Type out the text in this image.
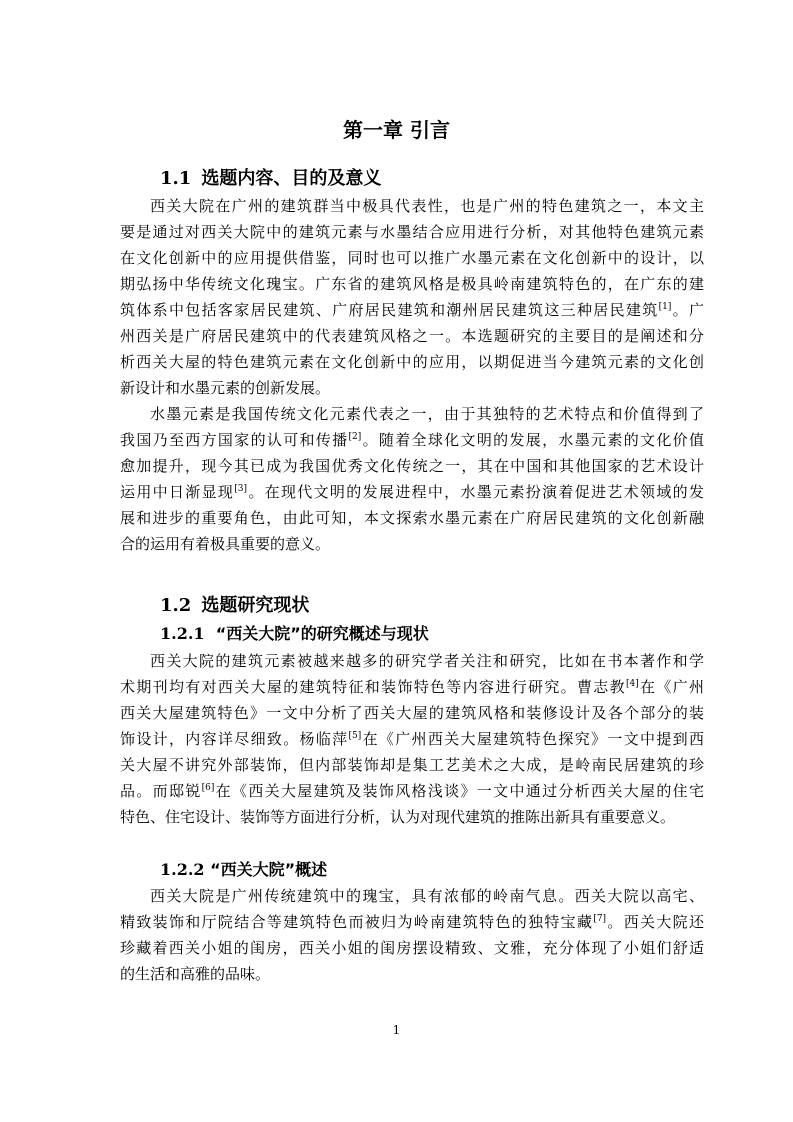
第一章 引言
1.1 选题内容、目的及意义

西关大院在广州的建筑群当中极具代表性，也是广州的特色建筑之一，本文主
要是通过对西关大院中的建筑元素与水墨结合应用进行分析，对其他特色建筑元素
在文化创新中的应用提供借鉴，同时也可以推广水墨元素在文化创新中的设计，以
期弘扬中华传统文化瑰宝。广东省的建筑风格是极具岭南建筑特色的，在广东的建
筑体系中包括客家居民建筑、广府居民建筑和潮州居民建筑这三种居民建筑[1]。广
州西关是广府居民建筑中的代表建筑风格之一。本选题研究的主要目的是阐述和分
析西关大屋的特色建筑元素在文化创新中的应用，以期促进当今建筑元素的文化创
新设计和水墨元素的创新发展。

水墨元素是我国传统文化元素代表之一，由于其独特的艺术特点和价值得到了
我国乃至西方国家的认可和传播[2]。随着全球化文明的发展，水墨元素的文化价值
愈加提升，现今其已成为我国优秀文化传统之一，其在中国和其他国家的艺术设计
运用中日渐显现[3]。在现代文明的发展进程中，水墨元素扮演着促进艺术领域的发
展和进步的重要角色，由此可知，本文探索水墨元素在广府居民建筑的文化创新融
合的运用有着极具重要的意义。

1.2 选题研究现状
1.2.1 “西关大院”的研究概述与现状

西关大院的建筑元素被越来越多的研究学者关注和研究，比如在书本著作和学
术期刊均有对西关大屋的建筑特征和装饰特色等内容进行研究。曹志教[4]在《广州
西关大屋建筑特色》一文中分析了西关大屋的建筑风格和装修设计及各个部分的装
饰设计，内容详尽细致。杨临萍[5]在《广州西关大屋建筑特色探究》一文中提到西
关大屋不讲究外部装饰，但内部装饰却是集工艺美术之大成，是岭南民居建筑的珍
品。而邸锐[6]在《西关大屋建筑及装饰风格浅谈》一文中通过分析西关大屋的住宅
特色、住宅设计、装饰等方面进行分析，认为对现代建筑的推陈出新具有重要意义。

1.2.2 “西关大院”概述

西关大院是广州传统建筑中的瑰宝，具有浓郁的岭南气息。西关大院以高宅、
精致装饰和厅院结合等建筑特色而被归为岭南建筑特色的独特宝藏[7]。西关大院还
珍藏着西关小姐的闺房，西关小姐的闺房摆设精致、文雅，充分体现了小姐们舒适
的生活和高雅的品味。

1
